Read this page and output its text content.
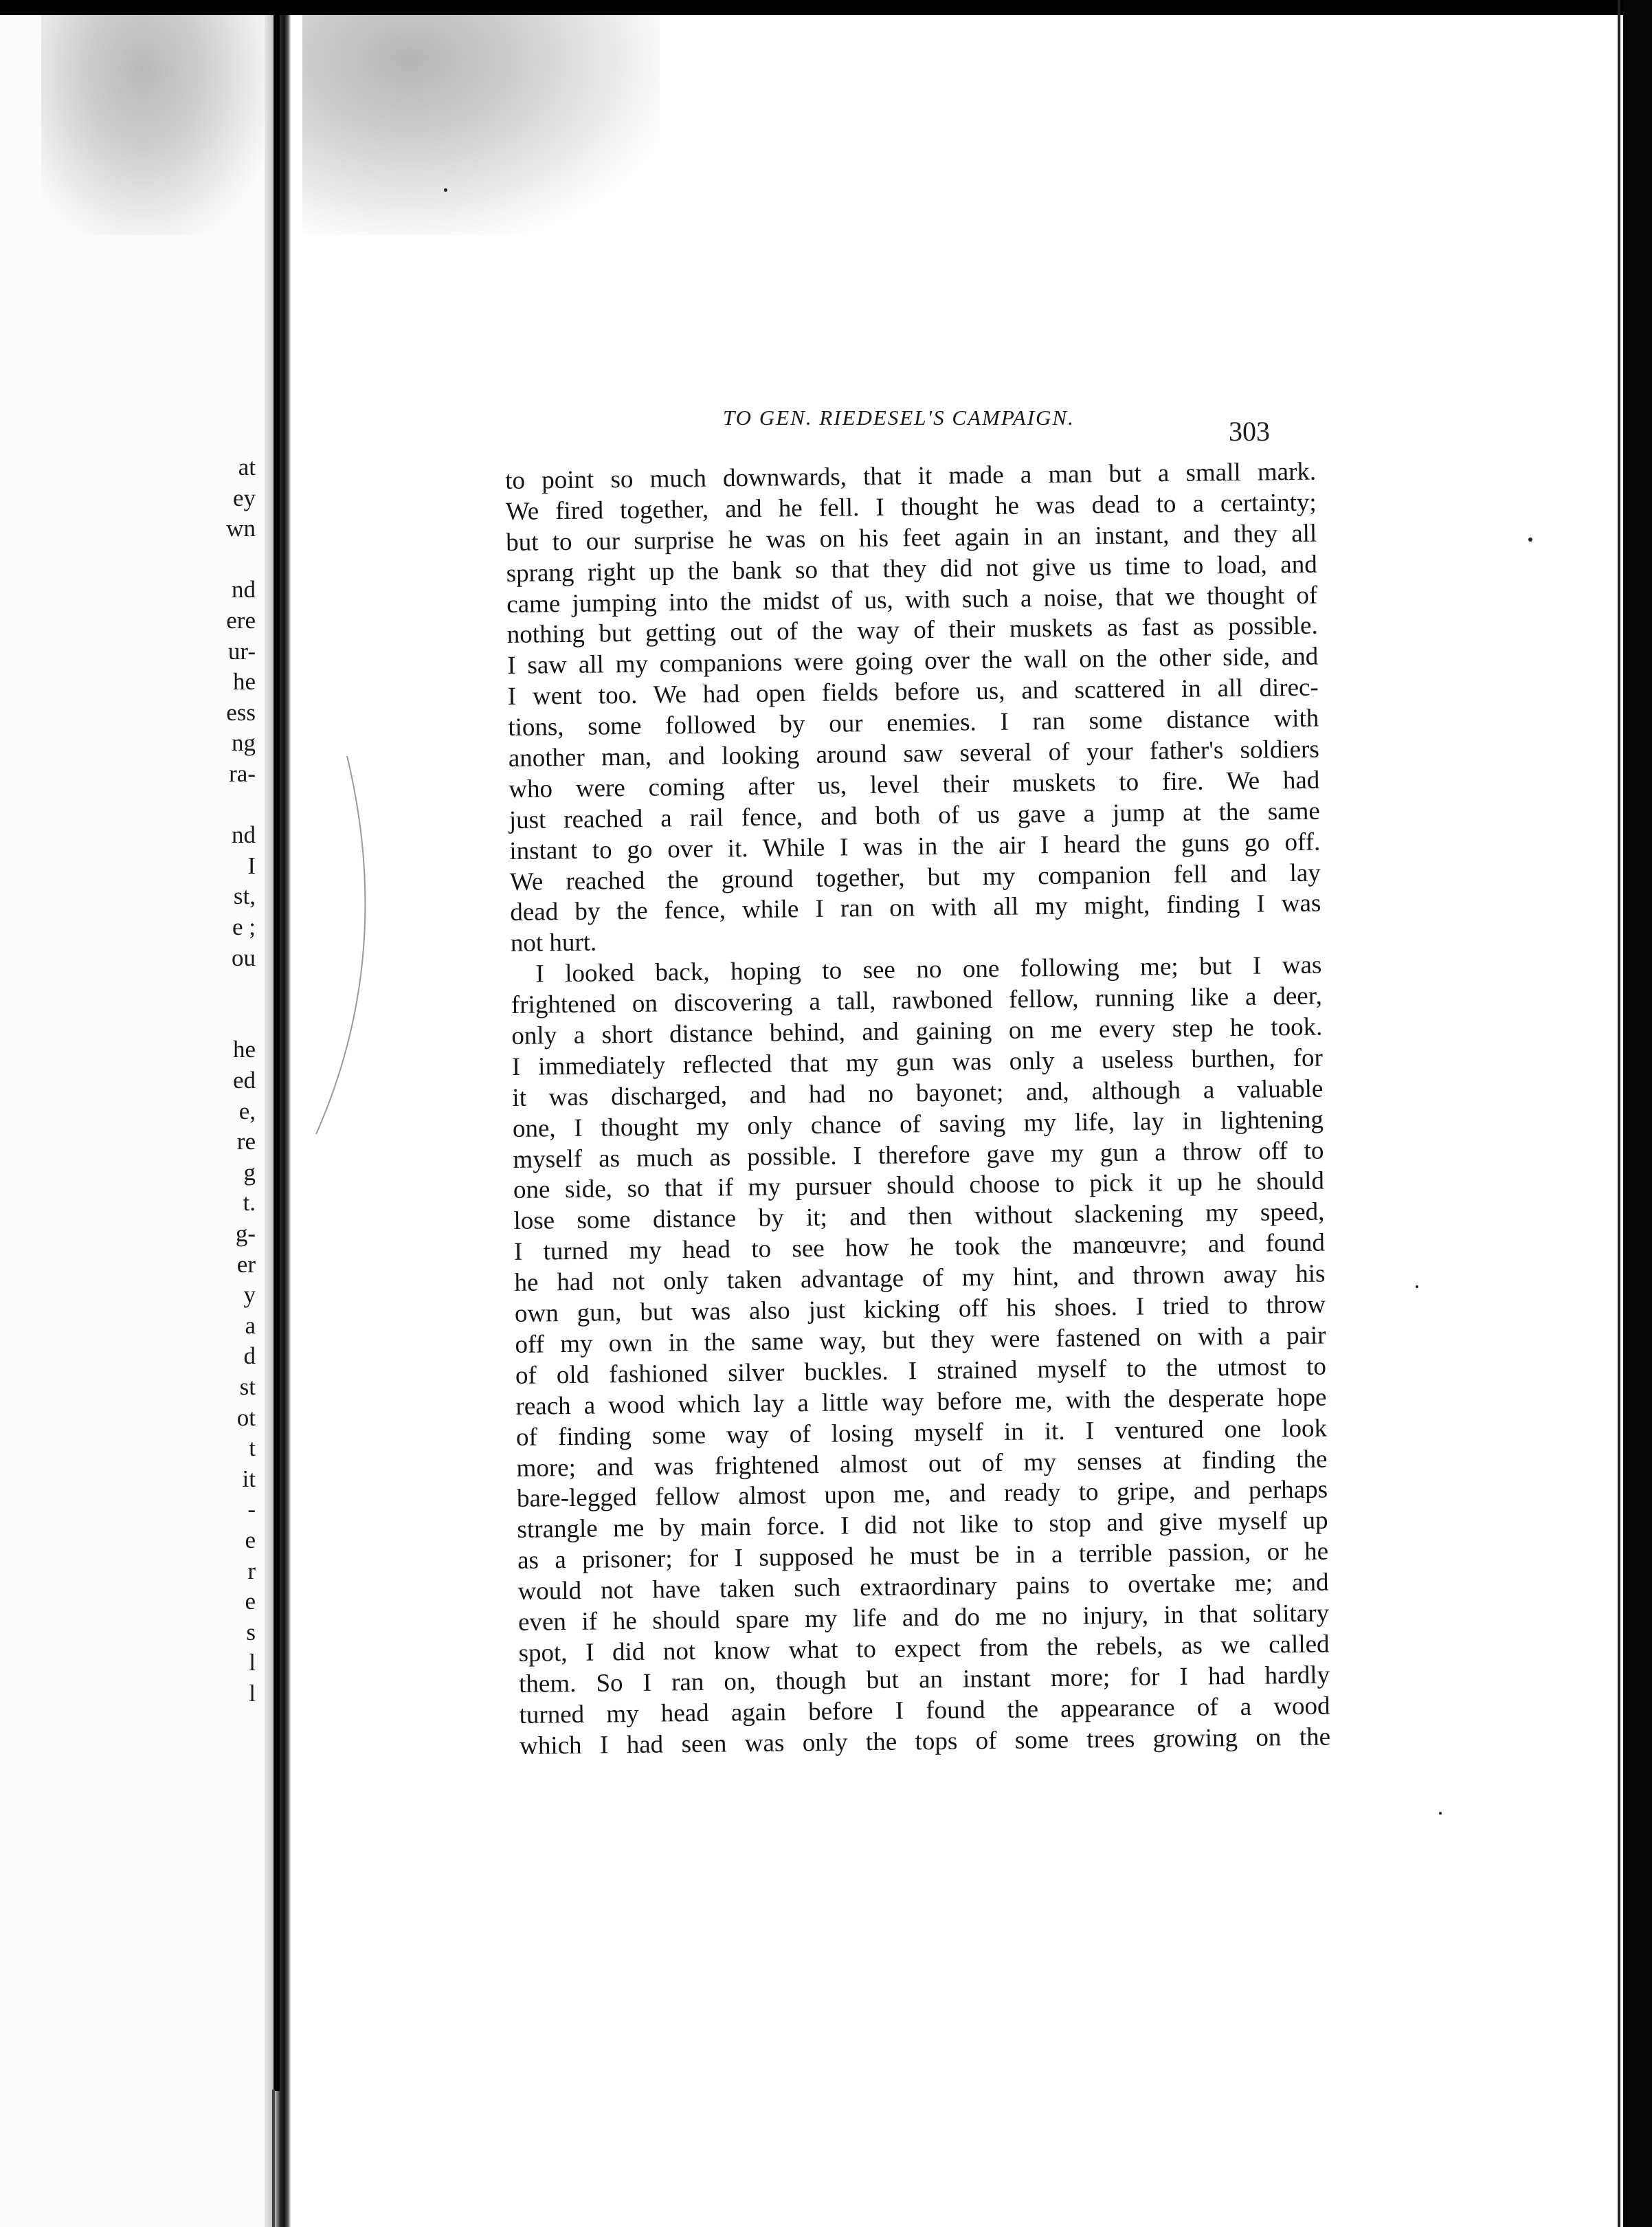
at
ey
wn
nd
ere
ur-
he
ess
ng
ra-
nd
I
st,
e ;
ou
he
ed
e,
re
g
t.
g-
er
y
a
d
st
ot
t
it
-
e
r
e
s
l
l
TO GEN. RIEDESEL'S CAMPAIGN.	303
to point so much downwards, that it made a man but a small mark.
We fired together, and he fell. I thought he was dead to a certainty;
but to our surprise he was on his feet again in an instant, and they all
sprang right up the bank so that they did not give us time to load, and
came jumping into the midst of us, with such a noise, that we thought of
nothing but getting out of the way of their muskets as fast as possible.
I saw all my companions were going over the wall on the other side, and
I went too. We had open fields before us, and scattered in all direc-
tions, some followed by our enemies. I ran some distance with
another man, and looking around saw several of your father's soldiers
who were coming after us, level their muskets to fire. We had
just reached a rail fence, and both of us gave a jump at the same
instant to go over it. While I was in the air I heard the guns go off.
We reached the ground together, but my companion fell and lay
dead by the fence, while I ran on with all my might, finding I was
not hurt.
I looked back, hoping to see no one following me; but I was
frightened on discovering a tall, rawboned fellow, running like a deer,
only a short distance behind, and gaining on me every step he took.
I immediately reflected that my gun was only a useless burthen, for
it was discharged, and had no bayonet; and, although a valuable
one, I thought my only chance of saving my life, lay in lightening
myself as much as possible. I therefore gave my gun a throw off to
one side, so that if my pursuer should choose to pick it up he should
lose some distance by it; and then without slackening my speed,
I turned my head to see how he took the manœuvre; and found
he had not only taken advantage of my hint, and thrown away his
own gun, but was also just kicking off his shoes. I tried to throw
off my own in the same way, but they were fastened on with a pair
of old fashioned silver buckles. I strained myself to the utmost to
reach a wood which lay a little way before me, with the desperate hope
of finding some way of losing myself in it. I ventured one look
more; and was frightened almost out of my senses at finding the
bare-legged fellow almost upon me, and ready to gripe, and perhaps
strangle me by main force. I did not like to stop and give myself up
as a prisoner; for I supposed he must be in a terrible passion, or he
would not have taken such extraordinary pains to overtake me; and
even if he should spare my life and do me no injury, in that solitary
spot, I did not know what to expect from the rebels, as we called
them. So I ran on, though but an instant more; for I had hardly
turned my head again before I found the appearance of a wood
which I had seen was only the tops of some trees growing on the
